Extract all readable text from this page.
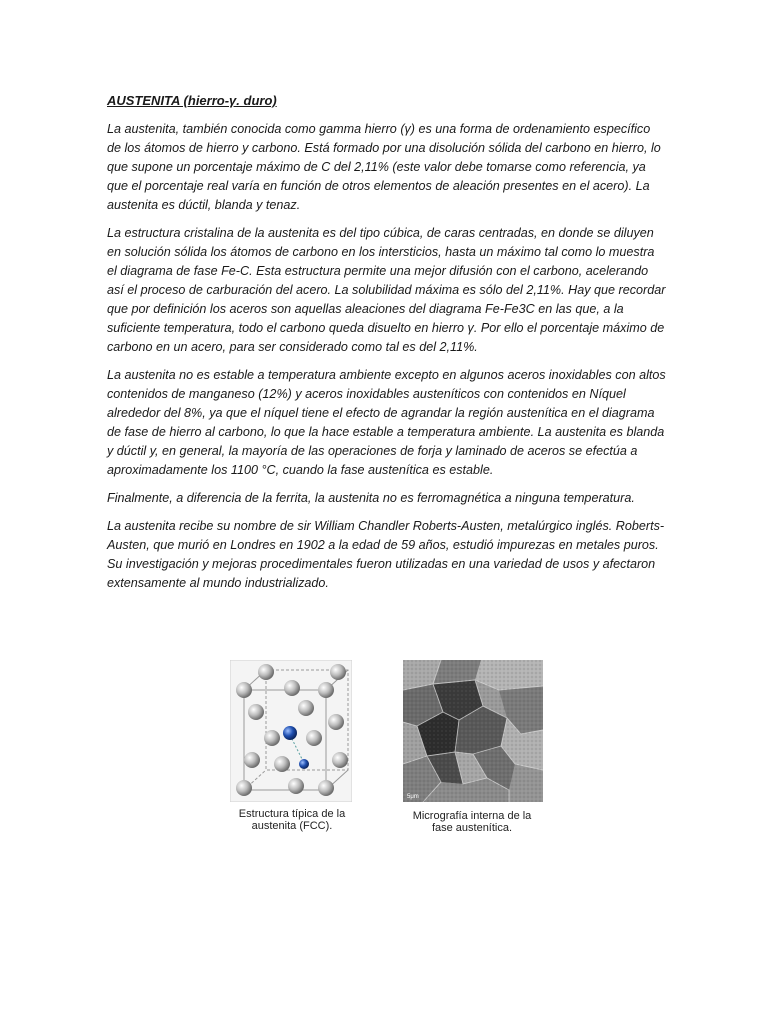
AUSTENITA (hierro-γ. duro)

La austenita, también conocida como gamma hierro (γ) es una forma de ordenamiento específico de los átomos de hierro y carbono. Está formado por una disolución sólida del carbono en hierro, lo que supone un porcentaje máximo de C del 2,11% (este valor debe tomarse como referencia, ya que el porcentaje real varía en función de otros elementos de aleación presentes en el acero). La austenita es dúctil, blanda y tenaz.

La estructura cristalina de la austenita es del tipo cúbica, de caras centradas, en donde se diluyen en solución sólida los átomos de carbono en los intersticios, hasta un máximo tal como lo muestra el diagrama de fase Fe-C. Esta estructura permite una mejor difusión con el carbono, acelerando así el proceso de carburación del acero. La solubilidad máxima es sólo del 2,11%. Hay que recordar que por definición los aceros son aquellas aleaciones del diagrama Fe-Fe3C en las que, a la suficiente temperatura, todo el carbono queda disuelto en hierro γ. Por ello el porcentaje máximo de carbono en un acero, para ser considerado como tal es del 2,11%.

La austenita no es estable a temperatura ambiente excepto en algunos aceros inoxidables con altos contenidos de manganeso (12%) y aceros inoxidables austeníticos con contenidos en Níquel alrededor del 8%, ya que el níquel tiene el efecto de agrandar la región austenítica en el diagrama de fase de hierro al carbono, lo que la hace estable a temperatura ambiente. La austenita es blanda y dúctil y, en general, la mayoría de las operaciones de forja y laminado de aceros se efectúa a aproximadamente los 1100 °C, cuando la fase austenítica es estable.

Finalmente, a diferencia de la ferrita, la austenita no es ferromagnética a ninguna temperatura.

La austenita recibe su nombre de sir William Chandler Roberts-Austen, metalúrgico inglés. Roberts-Austen, que murió en Londres en 1902 a la edad de 59 años, estudió impurezas en metales puros. Su investigación y mejoras procedimentales fueron utilizadas en una variedad de usos y afectaron extensamente al mundo industrializado.

Estructura típica de la
austenita (FCC).
5μm
Micrografía interna de la
fase austenítica.
